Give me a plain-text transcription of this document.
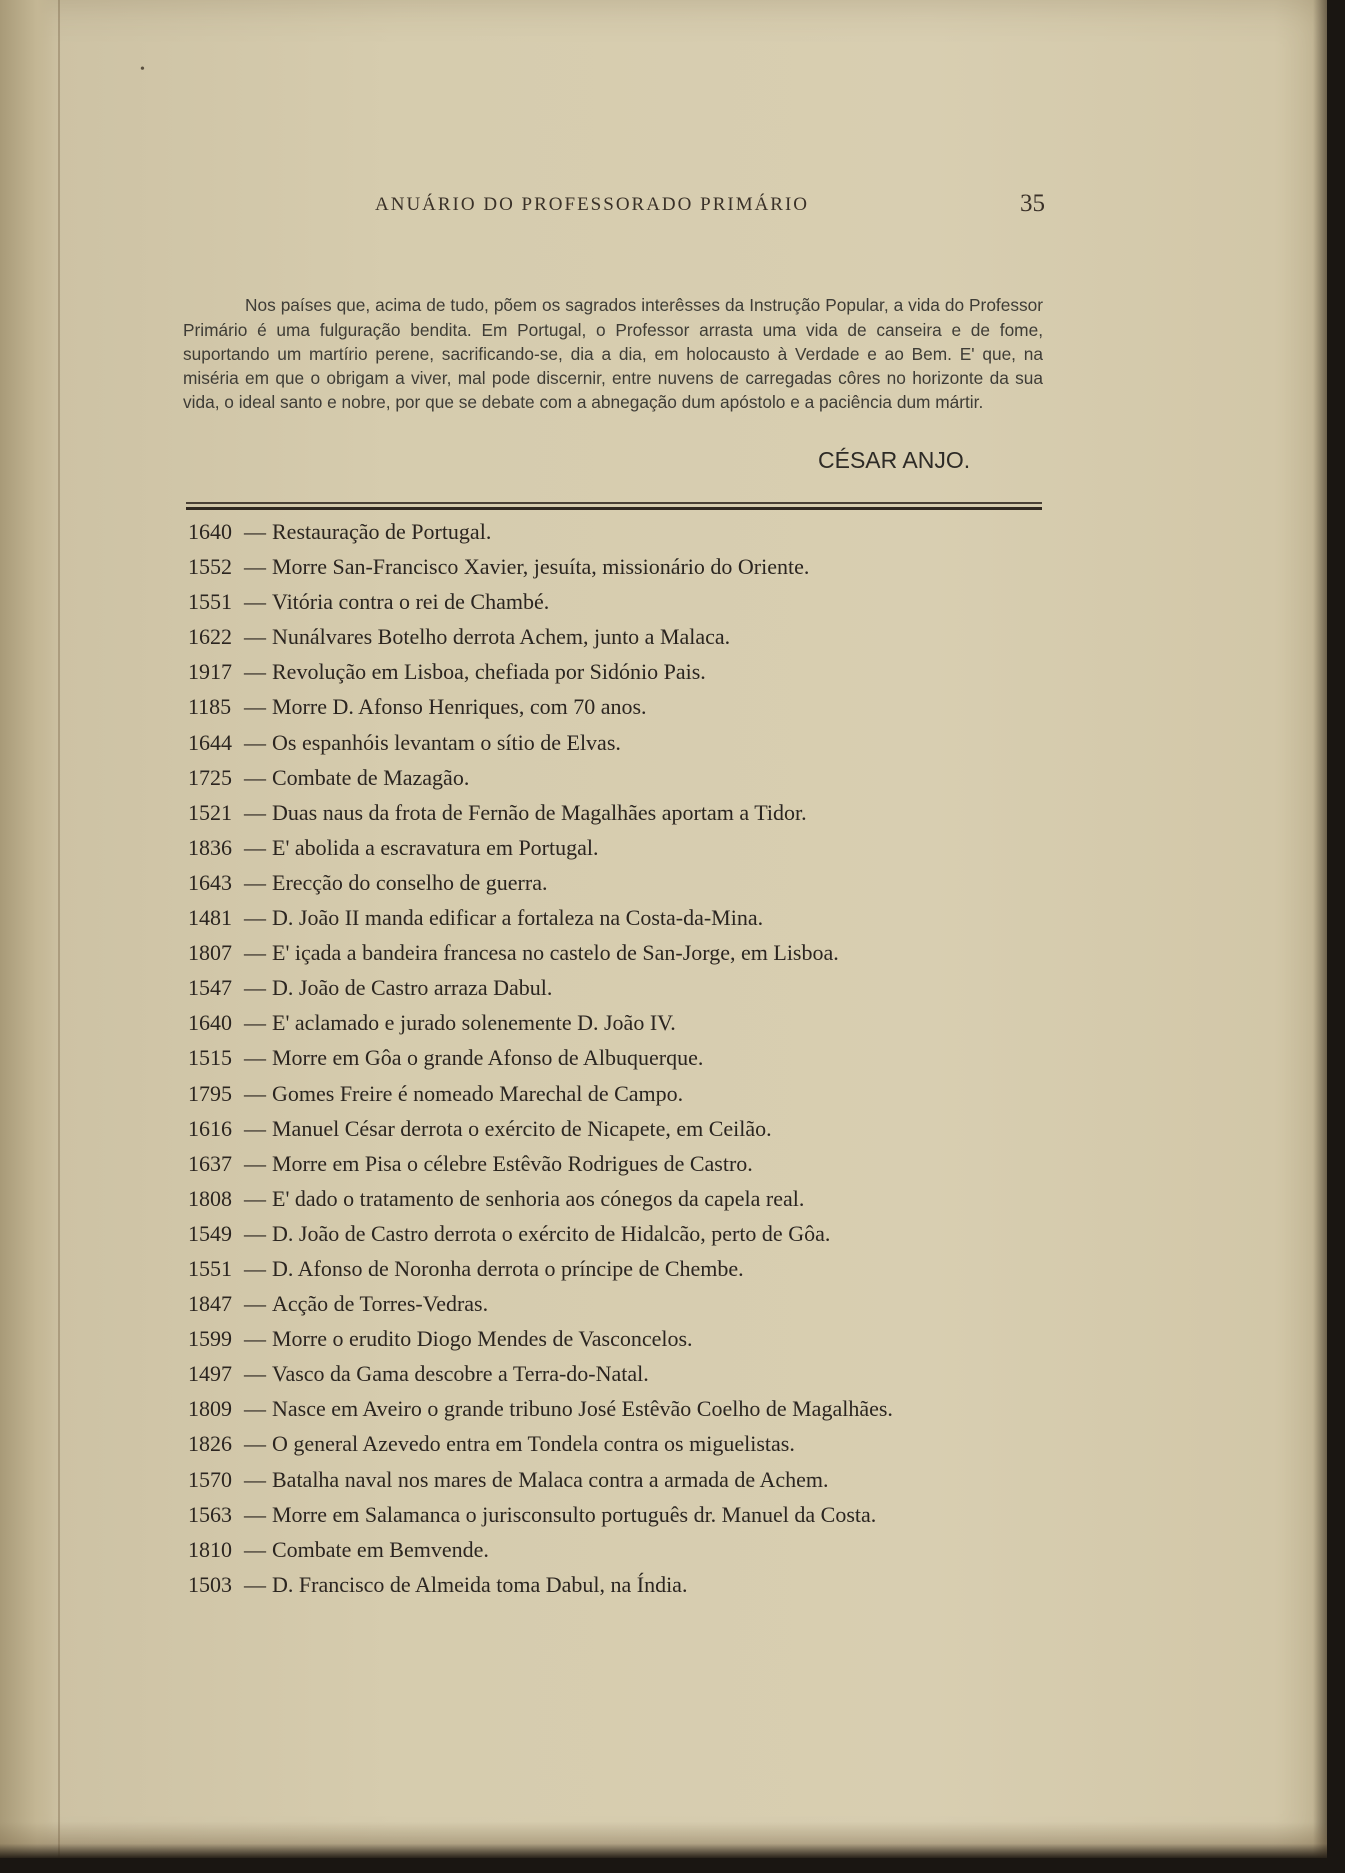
•
ANUÁRIO DO PROFESSORADO PRIMÁRIO	35

Nos países que, acima de tudo, põem os sagrados interêsses da Instrução Popular, a vida do Professor Primário é uma fulguração bendita. Em Portugal, o Professor arrasta uma vida de canseira e de fome, suportando um martírio perene, sacrificando-se, dia a dia, em holocausto à Verdade e ao Bem. E' que, na miséria em que o obrigam a viver, mal pode discernir, entre nuvens de carregadas côres no horizonte da sua vida, o ideal santo e nobre, por que se debate com a abnegação dum apóstolo e a paciência dum mártir.

CÉSAR ANJO.
1640 — Restauração de Portugal.
1552 — Morre San-Francisco Xavier, jesuíta, missionário do Oriente.
1551 — Vitória contra o rei de Chambé.
1622 — Nunálvares Botelho derrota Achem, junto a Malaca.
1917 — Revolução em Lisboa, chefiada por Sidónio Pais.
1185 — Morre D. Afonso Henriques, com 70 anos.
1644 — Os espanhóis levantam o sítio de Elvas.
1725 — Combate de Mazagão.
1521 — Duas naus da frota de Fernão de Magalhães aportam a Tidor.
1836 — E' abolida a escravatura em Portugal.
1643 — Erecção do conselho de guerra.
1481 — D. João II manda edificar a fortaleza na Costa-da-Mina.
1807 — E' içada a bandeira francesa no castelo de San-Jorge, em Lisboa.
1547 — D. João de Castro arraza Dabul.
1640 — E' aclamado e jurado solenemente D. João IV.
1515 — Morre em Gôa o grande Afonso de Albuquerque.
1795 — Gomes Freire é nomeado Marechal de Campo.
1616 — Manuel César derrota o exército de Nicapete, em Ceilão.
1637 — Morre em Pisa o célebre Estêvão Rodrigues de Castro.
1808 — E' dado o tratamento de senhoria aos cónegos da capela real.
1549 — D. João de Castro derrota o exército de Hidalcão, perto de Gôa.
1551 — D. Afonso de Noronha derrota o príncipe de Chembe.
1847 — Acção de Torres-Vedras.
1599 — Morre o erudito Diogo Mendes de Vasconcelos.
1497 — Vasco da Gama descobre a Terra-do-Natal.
1809 — Nasce em Aveiro o grande tribuno José Estêvão Coelho de Magalhães.
1826 — O general Azevedo entra em Tondela contra os miguelistas.
1570 — Batalha naval nos mares de Malaca contra a armada de Achem.
1563 — Morre em Salamanca o jurisconsulto português dr. Manuel da Costa.
1810 — Combate em Bemvende.
1503 — D. Francisco de Almeida toma Dabul, na Índia.
